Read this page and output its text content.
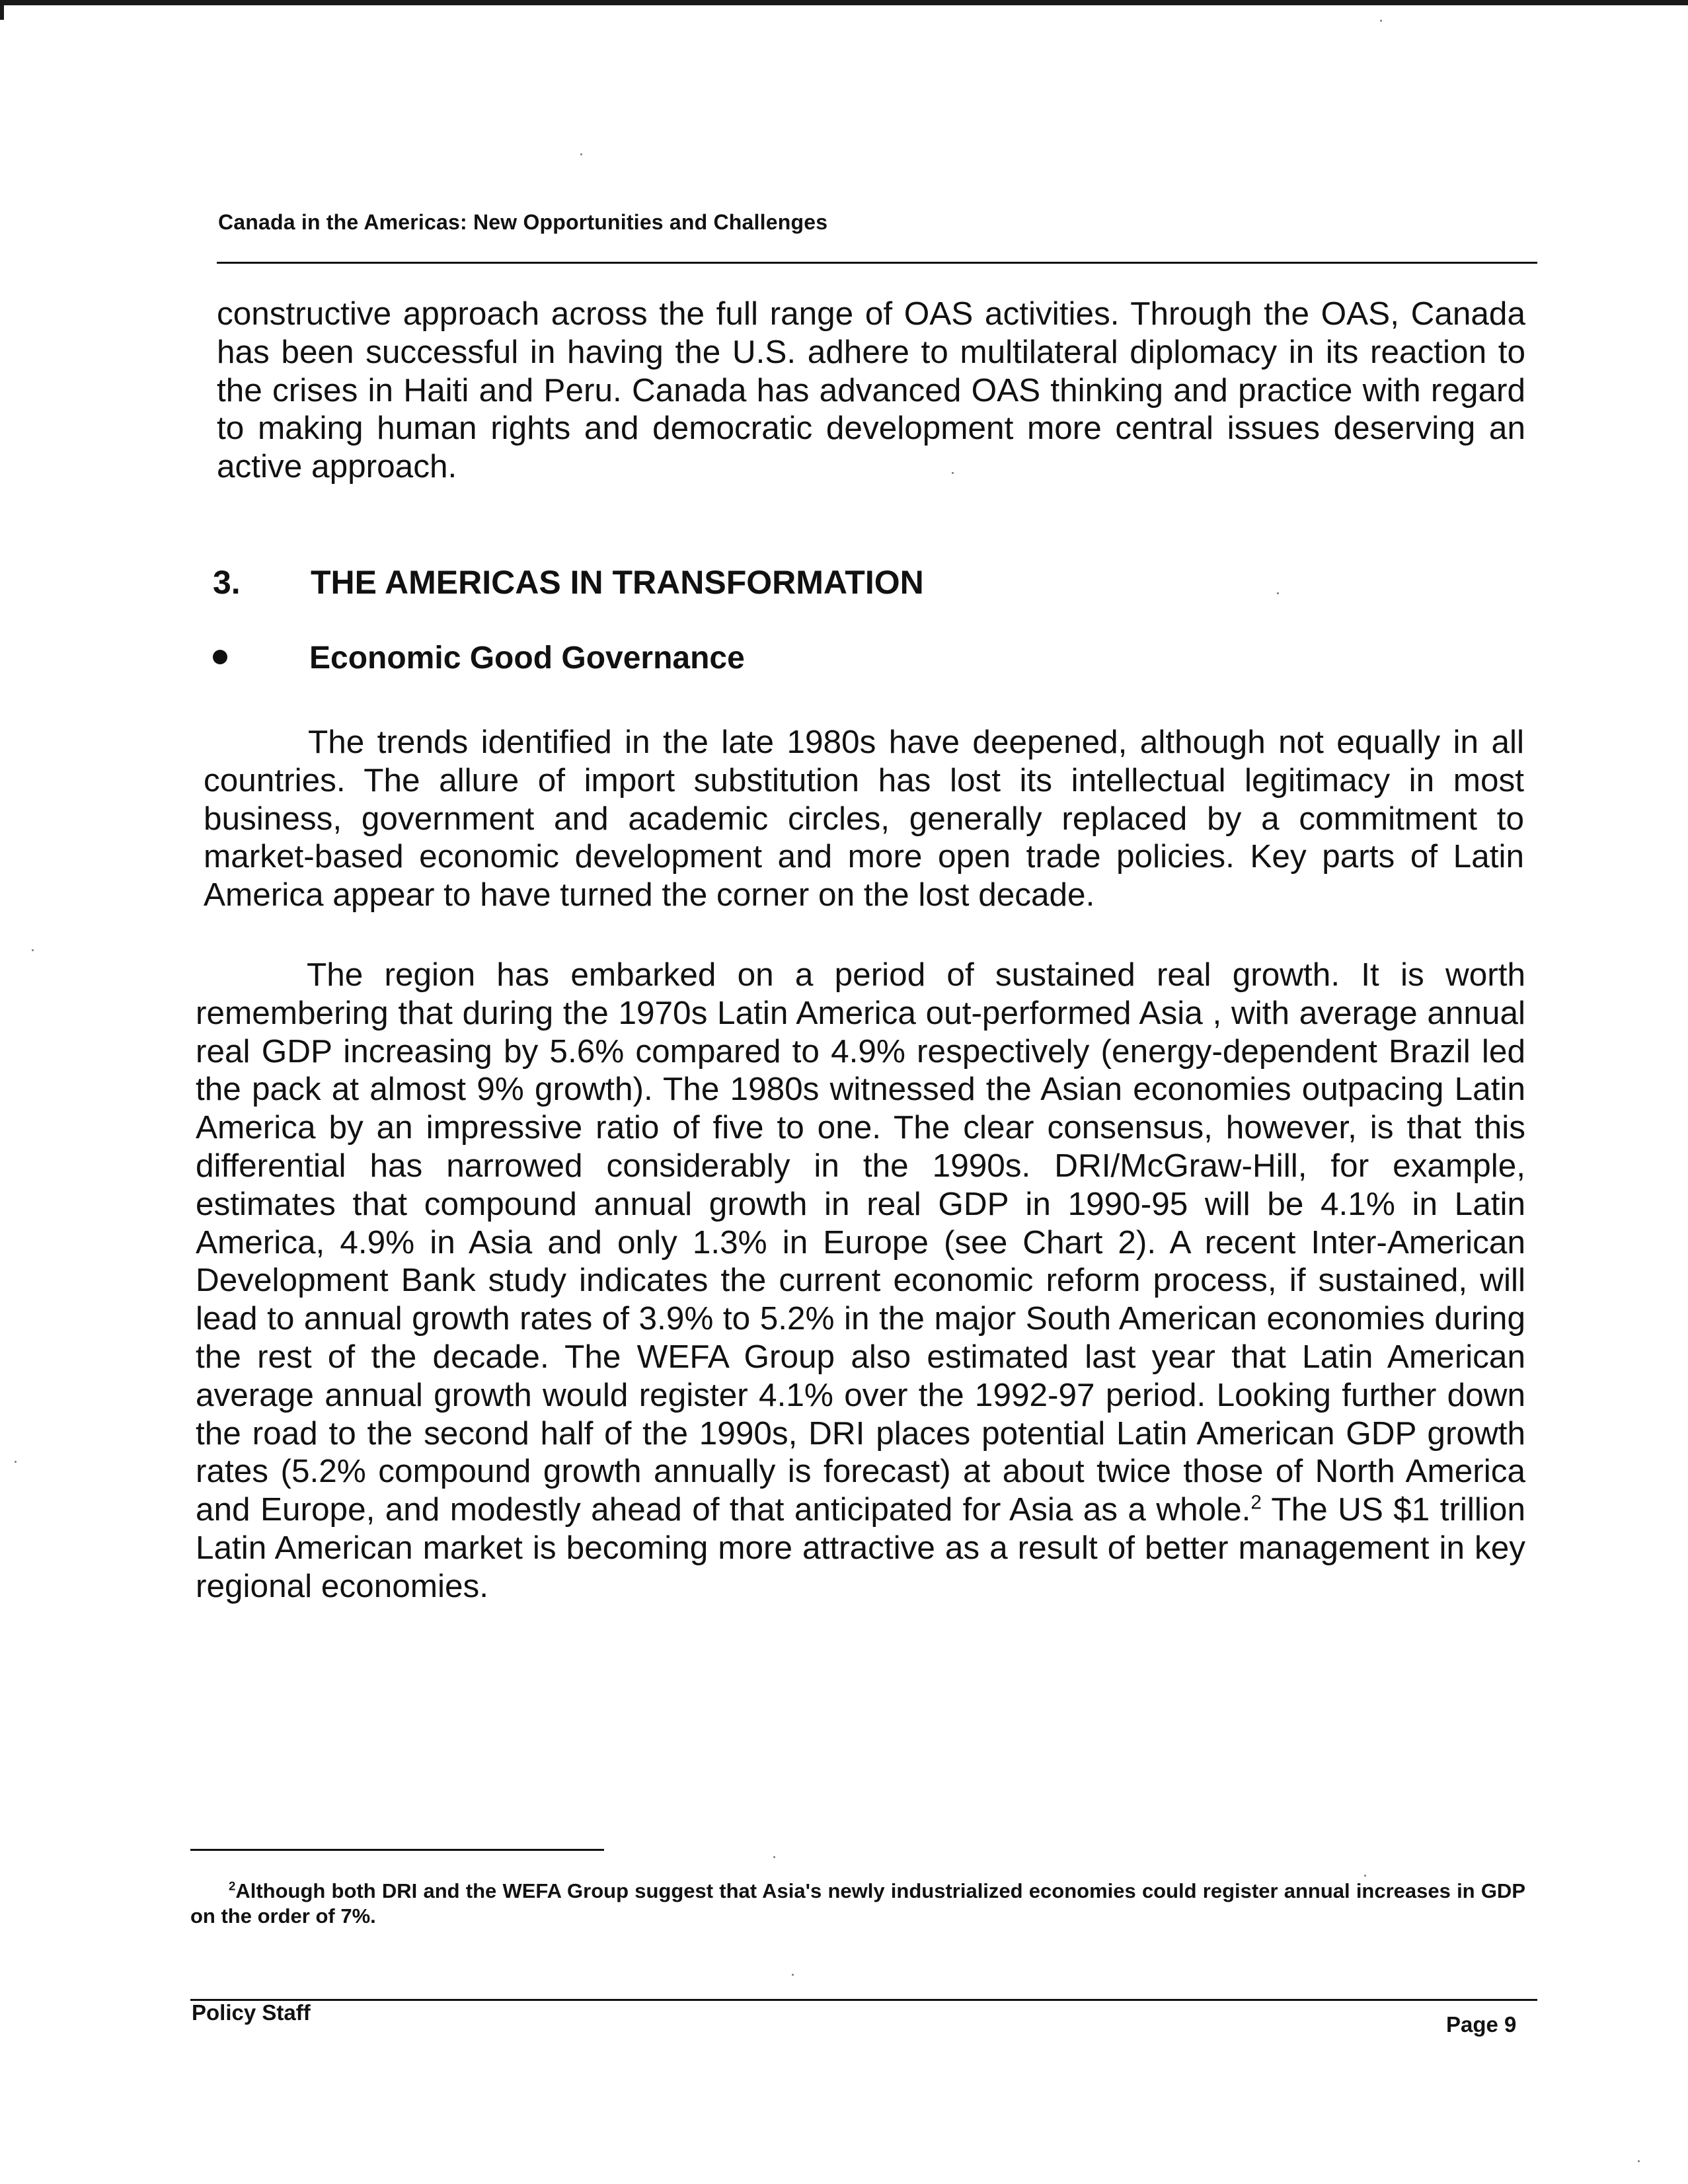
Canada in the Americas: New Opportunities and Challenges

constructive approach across the full range of OAS activities. Through the OAS, Canada has been successful in having the U.S. adhere to multilateral diplomacy in its reaction to the crises in Haiti and Peru. Canada has advanced OAS thinking and practice with regard to making human rights and democratic development more central issues deserving an active approach.

3. THE AMERICAS IN TRANSFORMATION
Economic Good Governance

The trends identified in the late 1980s have deepened, although not equally in all countries. The allure of import substitution has lost its intellectual legitimacy in most business, government and academic circles, generally replaced by a commitment to market-based economic development and more open trade policies. Key parts of Latin America appear to have turned the corner on the lost decade.

The region has embarked on a period of sustained real growth. It is worth remembering that during the 1970s Latin America out-performed Asia , with average annual real GDP increasing by 5.6% compared to 4.9% respectively (energy-dependent Brazil led the pack at almost 9% growth). The 1980s witnessed the Asian economies outpacing Latin America by an impressive ratio of five to one. The clear consensus, however, is that this differential has narrowed considerably in the 1990s. DRI/McGraw-Hill, for example, estimates that compound annual growth in real GDP in 1990-95 will be 4.1% in Latin America, 4.9% in Asia and only 1.3% in Europe (see Chart 2). A recent Inter-American Development Bank study indicates the current economic reform process, if sustained, will lead to annual growth rates of 3.9% to 5.2% in the major South American economies during the rest of the decade. The WEFA Group also estimated last year that Latin American average annual growth would register 4.1% over the 1992-97 period. Looking further down the road to the second half of the 1990s, DRI places potential Latin American GDP growth rates (5.2% compound growth annually is forecast) at about twice those of North America and Europe, and modestly ahead of that anticipated for Asia as a whole.$^2$ The US $1 trillion Latin American market is becoming more attractive as a result of better management in key regional economies.

$^2$Although both DRI and the WEFA Group suggest that Asia's newly industrialized economies could register annual increases in GDP on the order of 7%.

Policy Staff	Page 9
